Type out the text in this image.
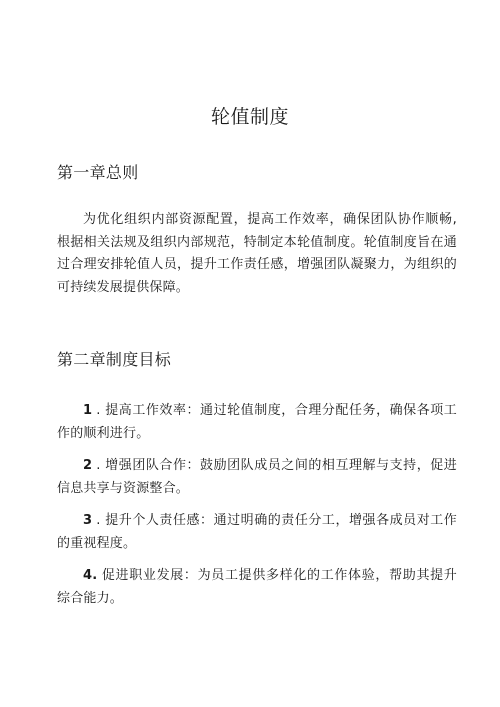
轮值制度
第一章总则

为优化组织内部资源配置，提高工作效率，确保团队协作顺畅, 根据相关法规及组织内部规范，特制定本轮值制度。轮值制度旨在通过合理安排轮值人员，提升工作责任感，增强团队凝聚力，为组织的可持续发展提供保障。

第二章制度目标
1 . 提高工作效率：通过轮值制度，合理分配任务，确保各项工作的顺利进行。
2 . 增强团队合作：鼓励团队成员之间的相互理解与支持，促进信息共享与资源整合。
3 . 提升个人责任感：通过明确的责任分工，增强各成员对工作的重视程度。
4. 促进职业发展：为员工提供多样化的工作体验，帮助其提升综合能力。
